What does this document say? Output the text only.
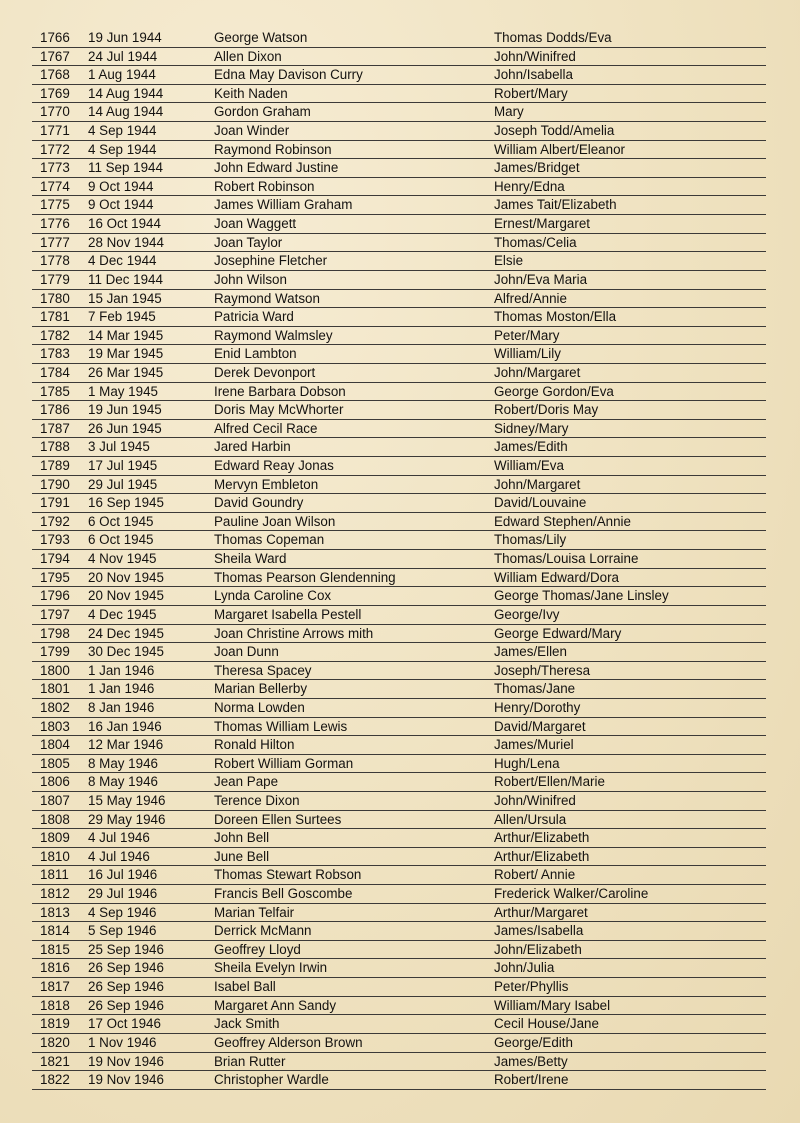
1766 19 Jun 1944	George Watson	Thomas Dodds/Eva
1767 24 Jul 1944	Allen Dixon	John/Winifred
1768 1 Aug 1944	Edna May Davison Curry	John/Isabella
1769 14 Aug 1944	Keith Naden	Robert/Mary
1770 14 Aug 1944	Gordon Graham	Mary
1771 4 Sep 1944	Joan Winder	Joseph Todd/Amelia
1772 4 Sep 1944	Raymond Robinson	William Albert/Eleanor
1773 11 Sep 1944	John Edward Justine	James/Bridget
1774 9 Oct 1944	Robert Robinson	Henry/Edna
1775 9 Oct 1944	James William Graham	James Tait/Elizabeth
1776 16 Oct 1944	Joan Waggett	Ernest/Margaret
1777 28 Nov 1944	Joan Taylor	Thomas/Celia
1778 4 Dec 1944	Josephine Fletcher	Elsie
1779 11 Dec 1944	John Wilson	John/Eva Maria
1780 15 Jan 1945	Raymond Watson	Alfred/Annie
1781 7 Feb 1945	Patricia Ward	Thomas Moston/Ella
1782 14 Mar 1945	Raymond Walmsley	Peter/Mary
1783 19 Mar 1945	Enid Lambton	William/Lily
1784 26 Mar 1945	Derek Devonport	John/Margaret
1785 1 May 1945	Irene Barbara Dobson	George Gordon/Eva
1786 19 Jun 1945	Doris May McWhorter	Robert/Doris May
1787 26 Jun 1945	Alfred Cecil Race	Sidney/Mary
1788 3 Jul 1945	Jared Harbin	James/Edith
1789 17 Jul 1945	Edward Reay Jonas	William/Eva
1790 29 Jul 1945	Mervyn Embleton	John/Margaret
1791 16 Sep 1945	David Goundry	David/Louvaine
1792 6 Oct 1945	Pauline Joan Wilson	Edward Stephen/Annie
1793 6 Oct 1945	Thomas Copeman	Thomas/Lily
1794 4 Nov 1945	Sheila Ward	Thomas/Louisa Lorraine
1795 20 Nov 1945	Thomas Pearson Glendenning	William Edward/Dora
1796 20 Nov 1945	Lynda Caroline Cox	George Thomas/Jane Linsley
1797 4 Dec 1945	Margaret Isabella Pestell	George/Ivy
1798 24 Dec 1945	Joan Christine Arrows mith	George Edward/Mary
1799 30 Dec 1945	Joan Dunn	James/Ellen
1800 1 Jan 1946	Theresa Spacey	Joseph/Theresa
1801 1 Jan 1946	Marian Bellerby	Thomas/Jane
1802 8 Jan 1946	Norma Lowden	Henry/Dorothy
1803 16 Jan 1946	Thomas William Lewis	David/Margaret
1804 12 Mar 1946	Ronald Hilton	James/Muriel
1805 8 May 1946	Robert William Gorman	Hugh/Lena
1806 8 May 1946	Jean Pape	Robert/Ellen/Marie
1807 15 May 1946	Terence Dixon	John/Winifred
1808 29 May 1946	Doreen Ellen Surtees	Allen/Ursula
1809 4 Jul 1946	John Bell	Arthur/Elizabeth
1810 4 Jul 1946	June Bell	Arthur/Elizabeth
1811 16 Jul 1946	Thomas Stewart Robson	Robert/ Annie
1812 29 Jul 1946	Francis Bell Goscombe	Frederick Walker/Caroline
1813 4 Sep 1946	Marian Telfair	Arthur/Margaret
1814 5 Sep 1946	Derrick McMann	James/Isabella
1815 25 Sep 1946	Geoffrey Lloyd	John/Elizabeth
1816 26 Sep 1946	Sheila Evelyn Irwin	John/Julia
1817 26 Sep 1946	Isabel Ball	Peter/Phyllis
1818 26 Sep 1946	Margaret Ann Sandy	William/Mary Isabel
1819 17 Oct 1946	Jack Smith	Cecil House/Jane
1820 1 Nov 1946	Geoffrey Alderson Brown	George/Edith
1821 19 Nov 1946	Brian Rutter	James/Betty
1822 19 Nov 1946	Christopher Wardle	Robert/Irene
